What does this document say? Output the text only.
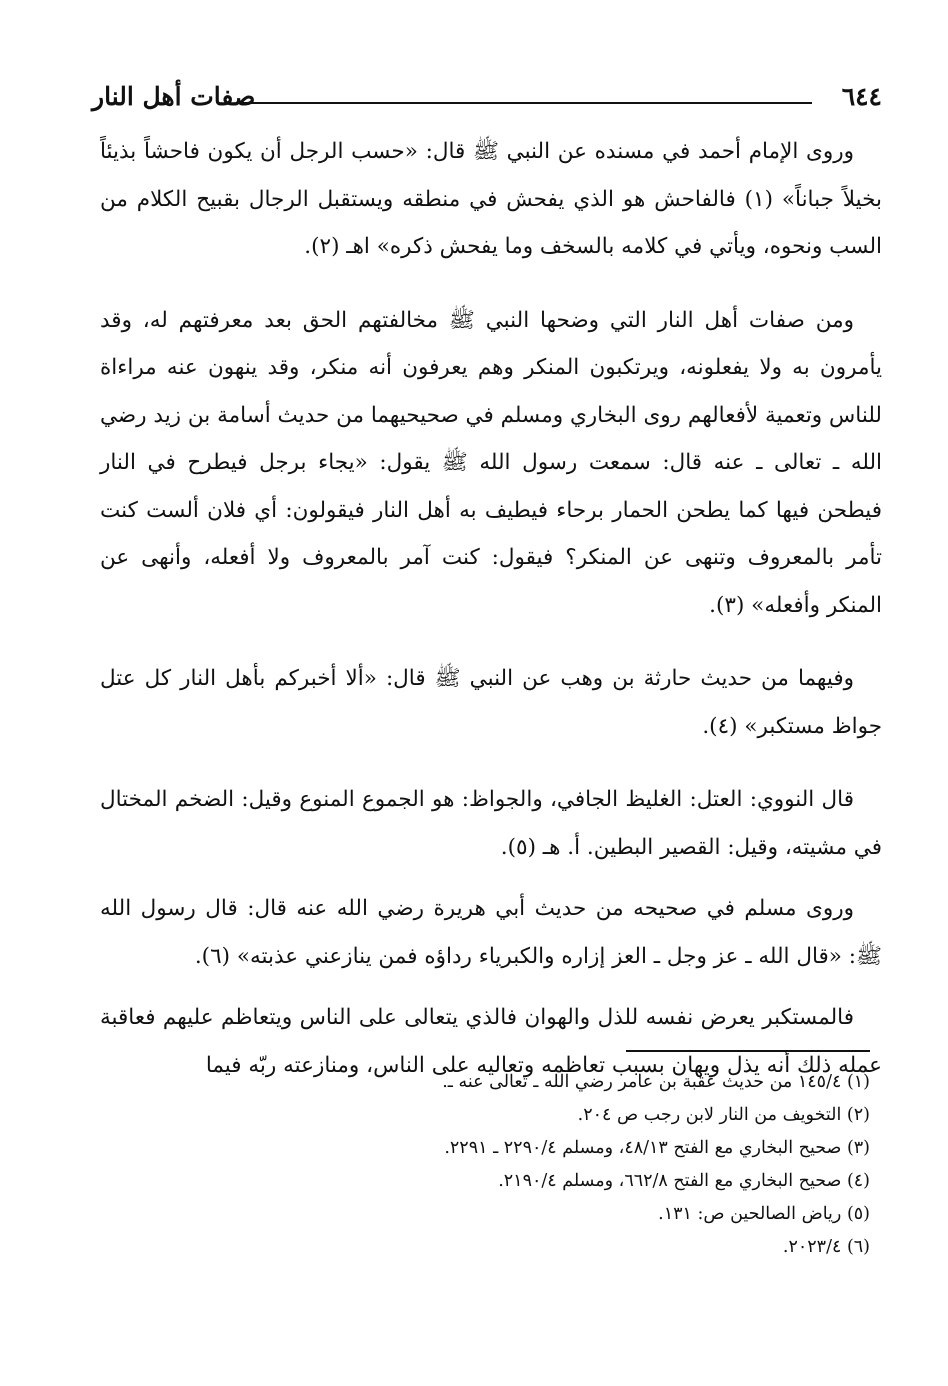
٦٤٤
صفات أهل النار

وروى الإمام أحمد في مسنده عن النبي ﷺ قال: «حسب الرجل أن يكون فاحشاً بذيئاً بخيلاً جباناً» (١) فالفاحش هو الذي يفحش في منطقه ويستقبل الرجال بقبيح الكلام من السب ونحوه، ويأتي في كلامه بالسخف وما يفحش ذكره» اهـ (٢).

ومن صفات أهل النار التي وضحها النبي ﷺ مخالفتهم الحق بعد معرفتهم له، وقد يأمرون به ولا يفعلونه، ويرتكبون المنكر وهم يعرفون أنه منكر، وقد ينهون عنه مراءاة للناس وتعمية لأفعالهم روى البخاري ومسلم في صحيحيهما من حديث أسامة بن زيد رضي الله ـ تعالى ـ عنه قال: سمعت رسول الله ﷺ يقول: «يجاء برجل فيطرح في النار فيطحن فيها كما يطحن الحمار برحاء فيطيف به أهل النار فيقولون: أي فلان ألست كنت تأمر بالمعروف وتنهى عن المنكر؟ فيقول: كنت آمر بالمعروف ولا أفعله، وأنهى عن المنكر وأفعله» (٣).

وفيهما من حديث حارثة بن وهب عن النبي ﷺ قال: «ألا أخبركم بأهل النار كل عتل جواظ مستكبر» (٤).

قال النووي: العتل: الغليظ الجافي، والجواظ: هو الجموع المنوع وقيل: الضخم المختال في مشيته، وقيل: القصير البطين. أ. هـ (٥).

وروى مسلم في صحيحه من حديث أبي هريرة رضي الله عنه قال: قال رسول الله ﷺ: «قال الله ـ عز وجل ـ العز إزاره والكبرياء رداؤه فمن ينازعني عذبته» (٦).

فالمستكبر يعرض نفسه للذل والهوان فالذي يتعالى على الناس ويتعاظم عليهم فعاقبة عمله ذلك أنه يذل ويهان بسبب تعاظمه وتعاليه على الناس، ومنازعته ربّه فيما

(١) ١٤٥/٤ من حديث عقبة بن عامر رضي الله ـ تعالى عنه ـ.
(٢) التخويف من النار لابن رجب ص ٢٠٤.
(٣) صحيح البخاري مع الفتح ٤٨/١٣، ومسلم ٢٢٩٠/٤ ـ ٢٢٩١.
(٤) صحيح البخاري مع الفتح ٦٦٢/٨، ومسلم ٢١٩٠/٤.
(٥) رياض الصالحين ص: ١٣١.
(٦) ٢٠٢٣/٤.
